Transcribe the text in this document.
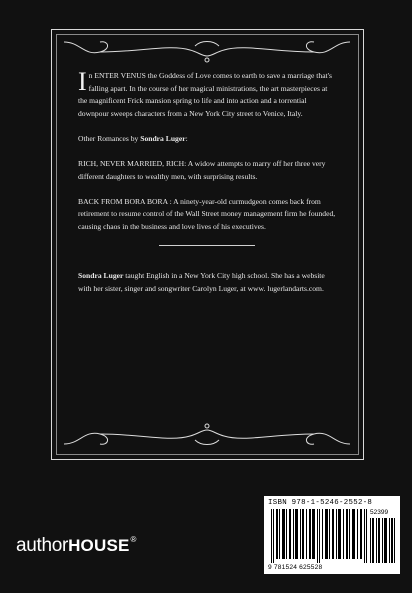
In ENTER VENUS the Goddess of Love comes to earth to save a marriage that's falling apart. In the course of her magical ministrations, the art masterpieces at the magnificent Frick mansion spring to life and into action and a torrential downpour sweeps characters from a New York City street to Venice, Italy.

Other Romances by Sondra Luger:

RICH, NEVER MARRIED, RICH: A widow attempts to marry off her three very different daughters to wealthy men, with surprising results.

BACK FROM BORA BORA : A ninety-year-old curmudgeon comes back from retirement to resume control of the Wall Street money management firm he founded, causing chaos in the business and love lives of his executives.

Sondra Luger taught English in a New York City high school. She has a website with her sister, singer and songwriter Carolyn Luger, at www. lugerlandarts.com.

authorHOUSE®
ISBN 978-1-5246-2552-8
52399
9 781524 625528
